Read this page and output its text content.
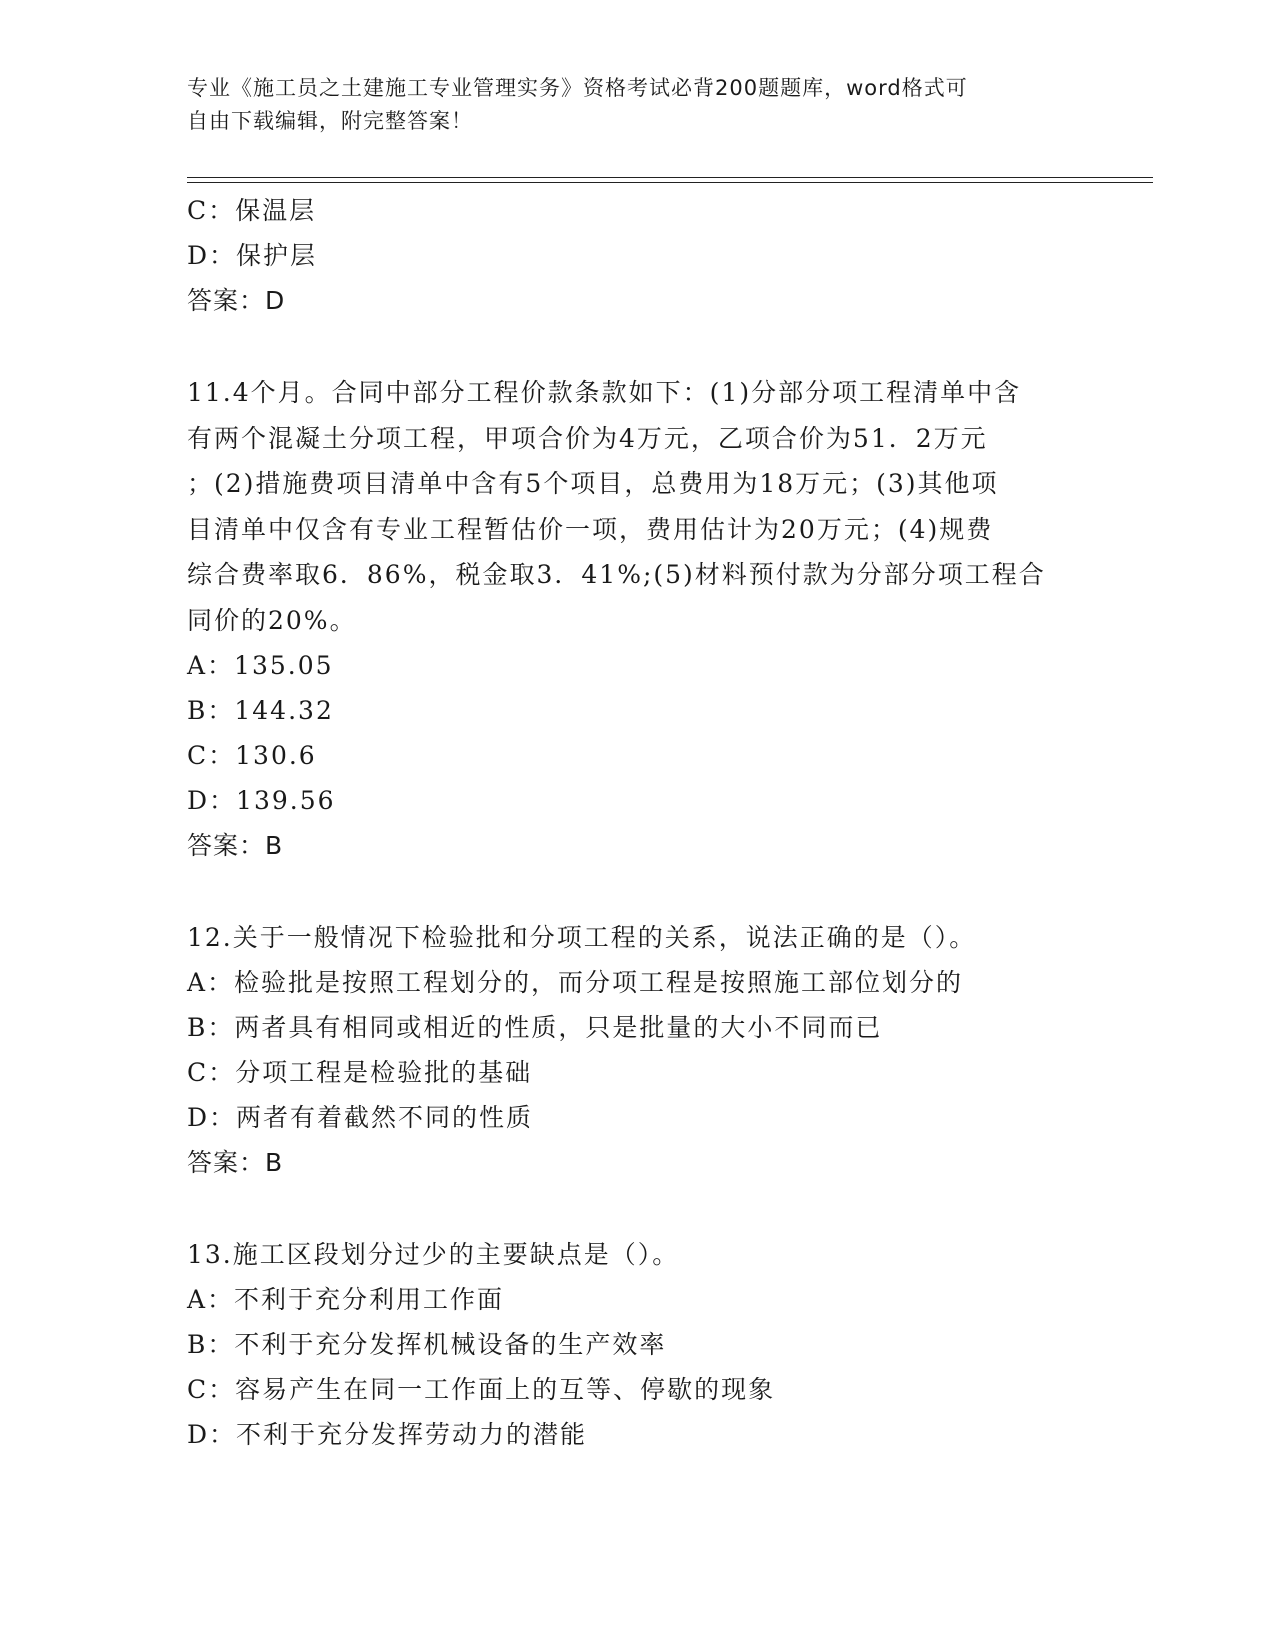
专业《施工员之土建施工专业管理实务》资格考试必背200题题库，word格式可
自由下载编辑，附完整答案！
C：保温层
D：保护层
答案：D
11.4个月。合同中部分工程价款条款如下：(1)分部分项工程清单中含
有两个混凝土分项工程，甲项合价为4万元，乙项合价为51．2万元
；(2)措施费项目清单中含有5个项目，总费用为18万元；(3)其他项
目清单中仅含有专业工程暂估价一项，费用估计为20万元；(4)规费
综合费率取6．86%，税金取3．41%;(5)材料预付款为分部分项工程合
同价的20%。
A：135.05
B：144.32
C：130.6
D：139.56
答案：B
12.关于一般情况下检验批和分项工程的关系，说法正确的是（）。
A：检验批是按照工程划分的，而分项工程是按照施工部位划分的
B：两者具有相同或相近的性质，只是批量的大小不同而已
C：分项工程是检验批的基础
D：两者有着截然不同的性质
答案：B
13.施工区段划分过少的主要缺点是（）。
A：不利于充分利用工作面
B：不利于充分发挥机械设备的生产效率
C：容易产生在同一工作面上的互等、停歇的现象
D：不利于充分发挥劳动力的潜能
